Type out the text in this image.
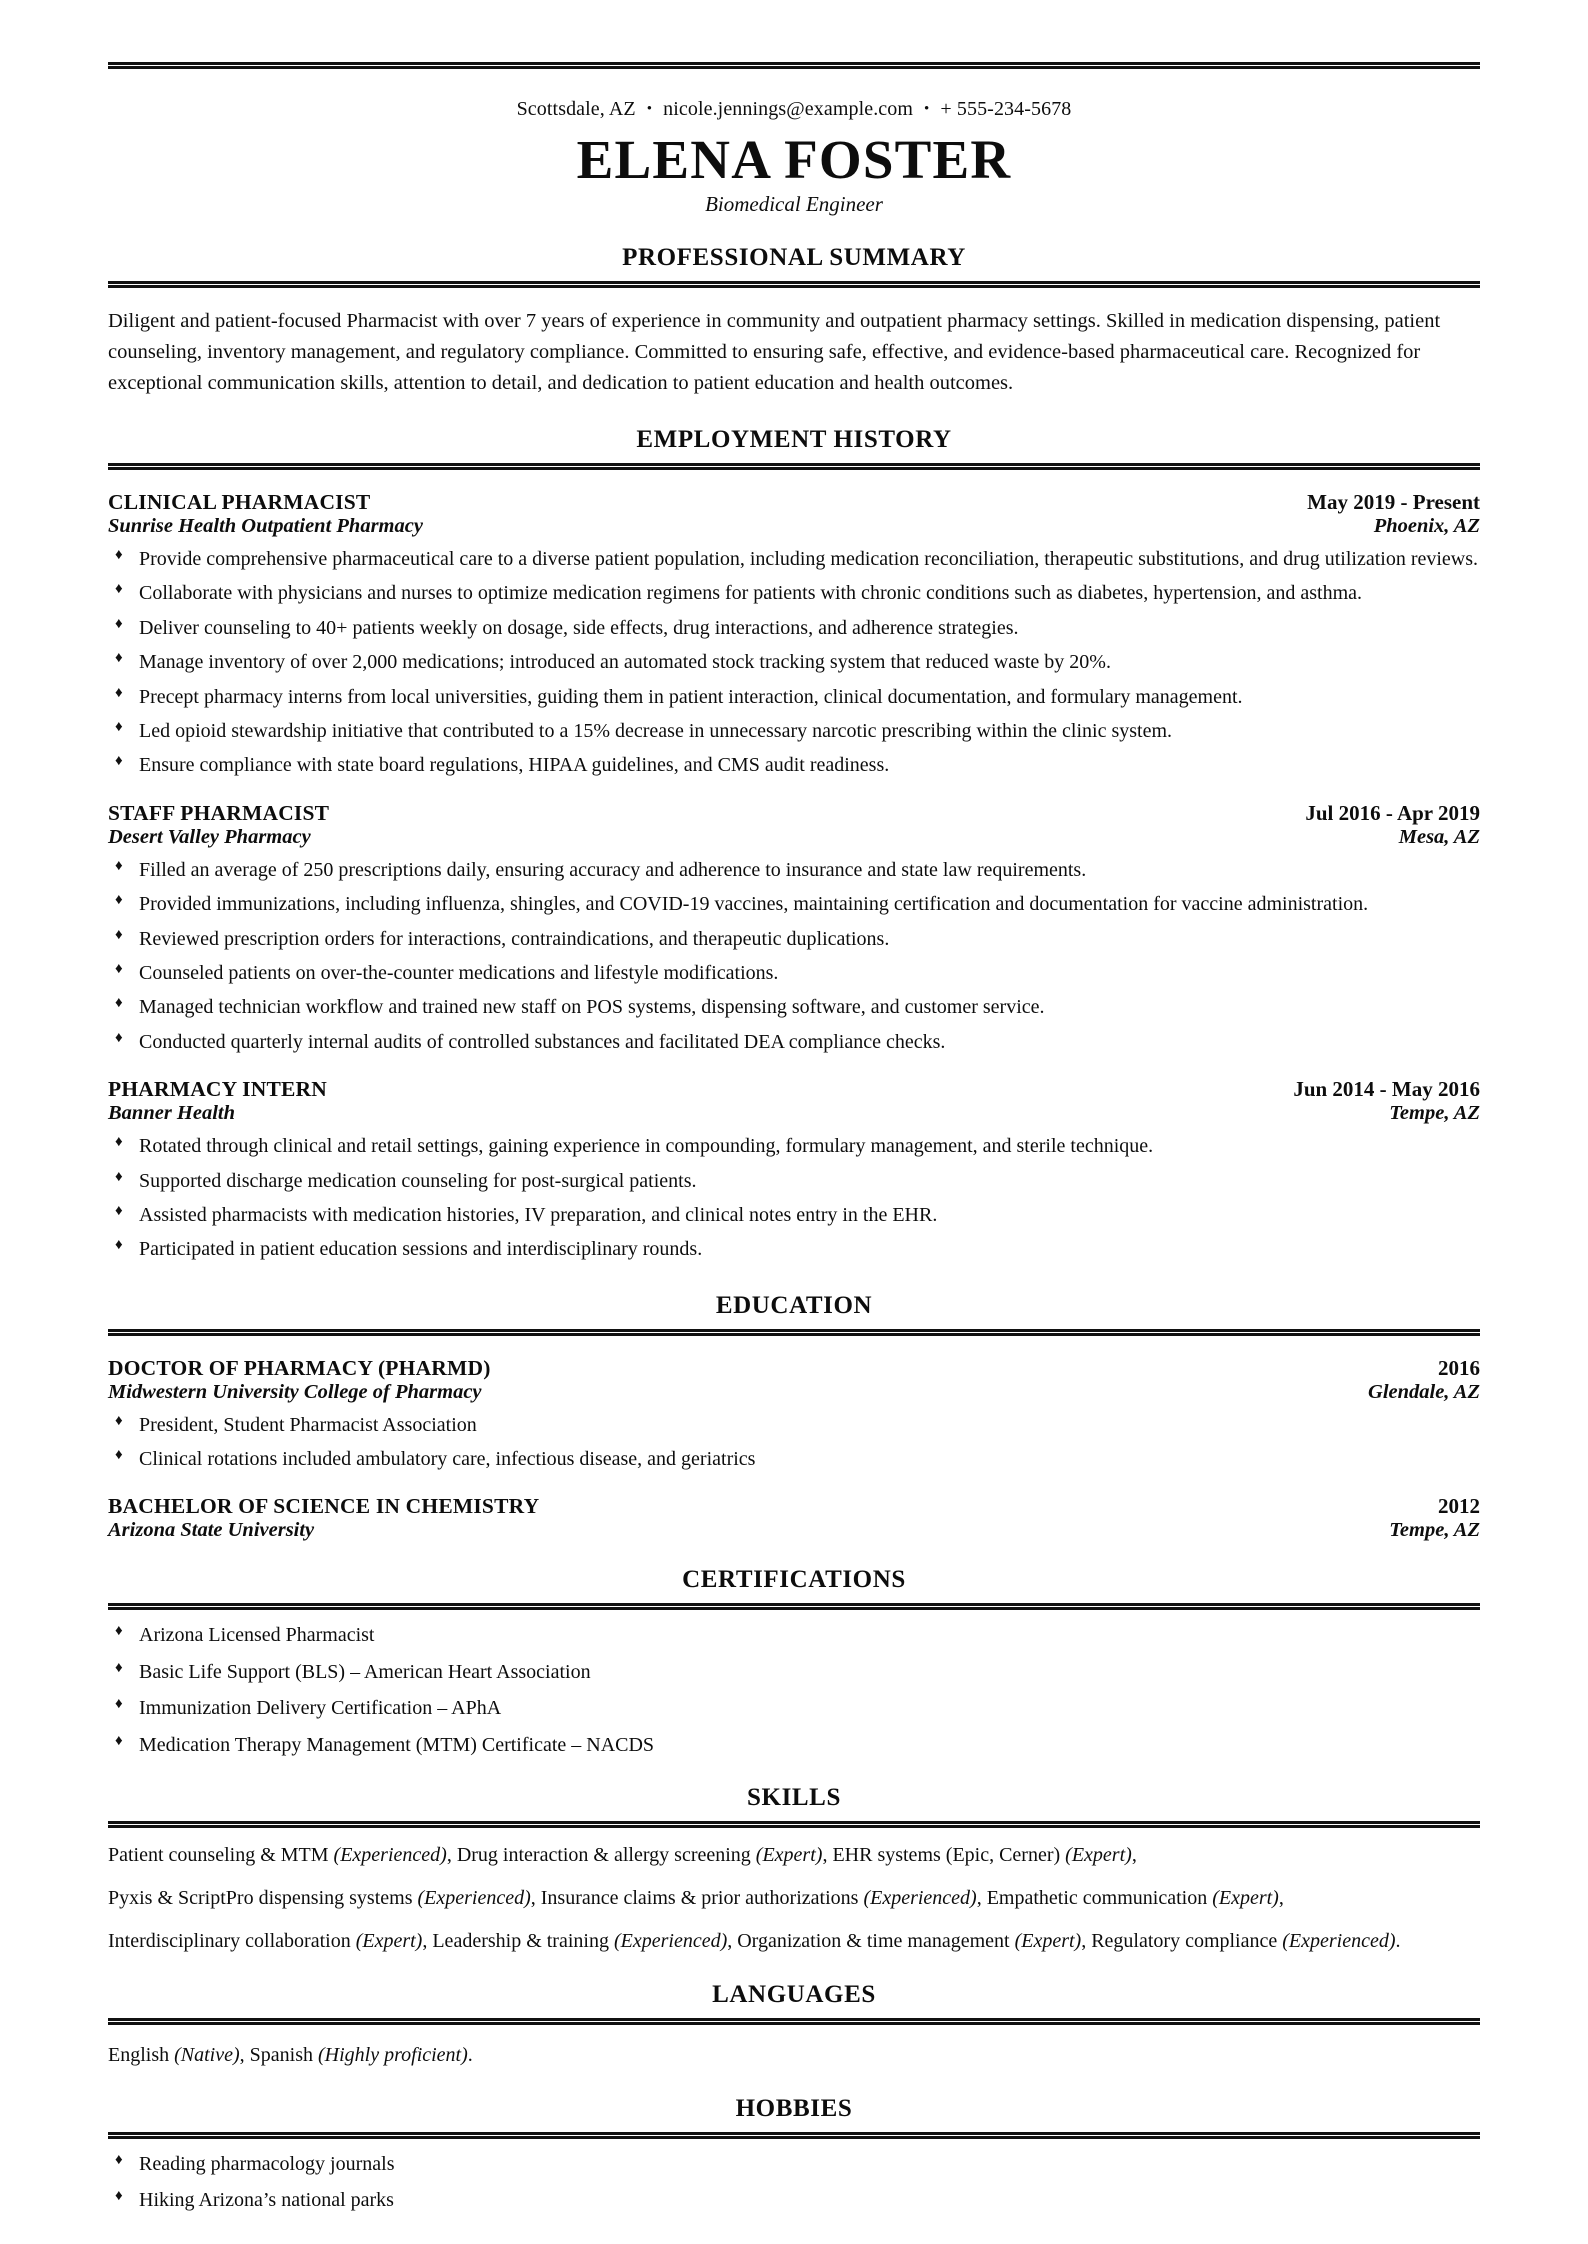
Scottsdale, AZ • nicole.jennings@example.com • + 555-234-5678
ELENA FOSTER
Biomedical Engineer
PROFESSIONAL SUMMARY

Diligent and patient-focused Pharmacist with over 7 years of experience in community and outpatient pharmacy settings. Skilled in medication dispensing, patient counseling, inventory management, and regulatory compliance. Committed to ensuring safe, effective, and evidence-based pharmaceutical care. Recognized for exceptional communication skills, attention to detail, and dedication to patient education and health outcomes.

EMPLOYMENT HISTORY
CLINICAL PHARMACIST	May 2019 - Present
Sunrise Health Outpatient Pharmacy	Phoenix, AZ
♦ Provide comprehensive pharmaceutical care to a diverse patient population, including medication reconciliation, therapeutic substitutions, and drug utilization reviews.
♦ Collaborate with physicians and nurses to optimize medication regimens for patients with chronic conditions such as diabetes, hypertension, and asthma.
♦ Deliver counseling to 40+ patients weekly on dosage, side effects, drug interactions, and adherence strategies.
♦ Manage inventory of over 2,000 medications; introduced an automated stock tracking system that reduced waste by 20%.
♦ Precept pharmacy interns from local universities, guiding them in patient interaction, clinical documentation, and formulary management.
♦ Led opioid stewardship initiative that contributed to a 15% decrease in unnecessary narcotic prescribing within the clinic system.
♦ Ensure compliance with state board regulations, HIPAA guidelines, and CMS audit readiness.
STAFF PHARMACIST	Jul 2016 - Apr 2019
Desert Valley Pharmacy	Mesa, AZ
♦ Filled an average of 250 prescriptions daily, ensuring accuracy and adherence to insurance and state law requirements.
♦ Provided immunizations, including influenza, shingles, and COVID-19 vaccines, maintaining certification and documentation for vaccine administration.
♦ Reviewed prescription orders for interactions, contraindications, and therapeutic duplications.
♦ Counseled patients on over-the-counter medications and lifestyle modifications.
♦ Managed technician workflow and trained new staff on POS systems, dispensing software, and customer service.
♦ Conducted quarterly internal audits of controlled substances and facilitated DEA compliance checks.
PHARMACY INTERN	Jun 2014 - May 2016
Banner Health	Tempe, AZ
♦ Rotated through clinical and retail settings, gaining experience in compounding, formulary management, and sterile technique.
♦ Supported discharge medication counseling for post-surgical patients.
♦ Assisted pharmacists with medication histories, IV preparation, and clinical notes entry in the EHR.
♦ Participated in patient education sessions and interdisciplinary rounds.
EDUCATION
DOCTOR OF PHARMACY (PHARMD)	2016
Midwestern University College of Pharmacy	Glendale, AZ
♦ President, Student Pharmacist Association
♦ Clinical rotations included ambulatory care, infectious disease, and geriatrics
BACHELOR OF SCIENCE IN CHEMISTRY	2012
Arizona State University	Tempe, AZ
CERTIFICATIONS
♦ Arizona Licensed Pharmacist
♦ Basic Life Support (BLS) – American Heart Association
♦ Immunization Delivery Certification – APhA
♦ Medication Therapy Management (MTM) Certificate – NACDS
SKILLS

Patient counseling & MTM (Experienced), Drug interaction & allergy screening (Expert), EHR systems (Epic, Cerner) (Expert),

Pyxis & ScriptPro dispensing systems (Experienced), Insurance claims & prior authorizations (Experienced), Empathetic communication (Expert),

Interdisciplinary collaboration (Expert), Leadership & training (Experienced), Organization & time management (Expert), Regulatory compliance (Experienced).

LANGUAGES

English (Native), Spanish (Highly proficient).

HOBBIES
♦ Reading pharmacology journals
♦ Hiking Arizona’s national parks
